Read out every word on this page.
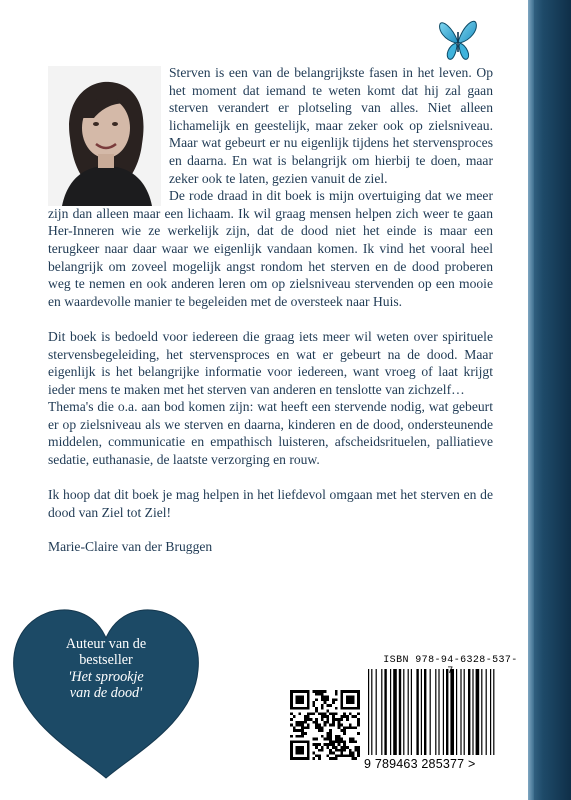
Sterven is een van de belangrijkste fasen in het leven. Op het moment dat iemand te weten komt dat hij zal gaan sterven verandert er plotseling van alles. Niet alleen lichamelijk en geestelijk, maar zeker ook op zielsniveau. Maar wat gebeurt er nu eigenlijk tijdens het stervensproces en daarna. En wat is belangrijk om hierbij te doen, maar zeker ook te laten, gezien vanuit de ziel.

De rode draad in dit boek is mijn overtuiging dat we meer zijn dan alleen maar een lichaam. Ik wil graag mensen helpen zich weer te gaan Her-Inneren wie ze werkelijk zijn, dat de dood niet het einde is maar een terugkeer naar daar waar we eigenlijk vandaan komen. Ik vind het vooral heel belangrijk om zoveel mogelijk angst rondom het sterven en de dood proberen weg te nemen en ook anderen leren om op zielsniveau stervenden op een mooie en waardevolle manier te begeleiden met de oversteek naar Huis.

Dit boek is bedoeld voor iedereen die graag iets meer wil weten over spirituele stervensbegeleiding, het stervensproces en wat er gebeurt na de dood. Maar eigenlijk is het belangrijke informatie voor iedereen, want vroeg of laat krijgt ieder mens te maken met het sterven van anderen en tenslotte van zichzelf…

Thema's die o.a. aan bod komen zijn: wat heeft een stervende nodig, wat gebeurt er op zielsniveau als we sterven en daarna, kinderen en de dood, ondersteunende middelen, communicatie en empathisch luisteren, afscheidsrituelen, palliatieve sedatie, euthanasie, de laatste verzorging en rouw.

Ik hoop dat dit boek je mag helpen in het liefdevol omgaan met het sterven en de dood van Ziel tot Ziel!

Marie-Claire van der Bruggen

Auteur van de
bestseller
'Het sprookje
van de dood'
ISBN 978-94-6328-537-
9 789463 285377 >
